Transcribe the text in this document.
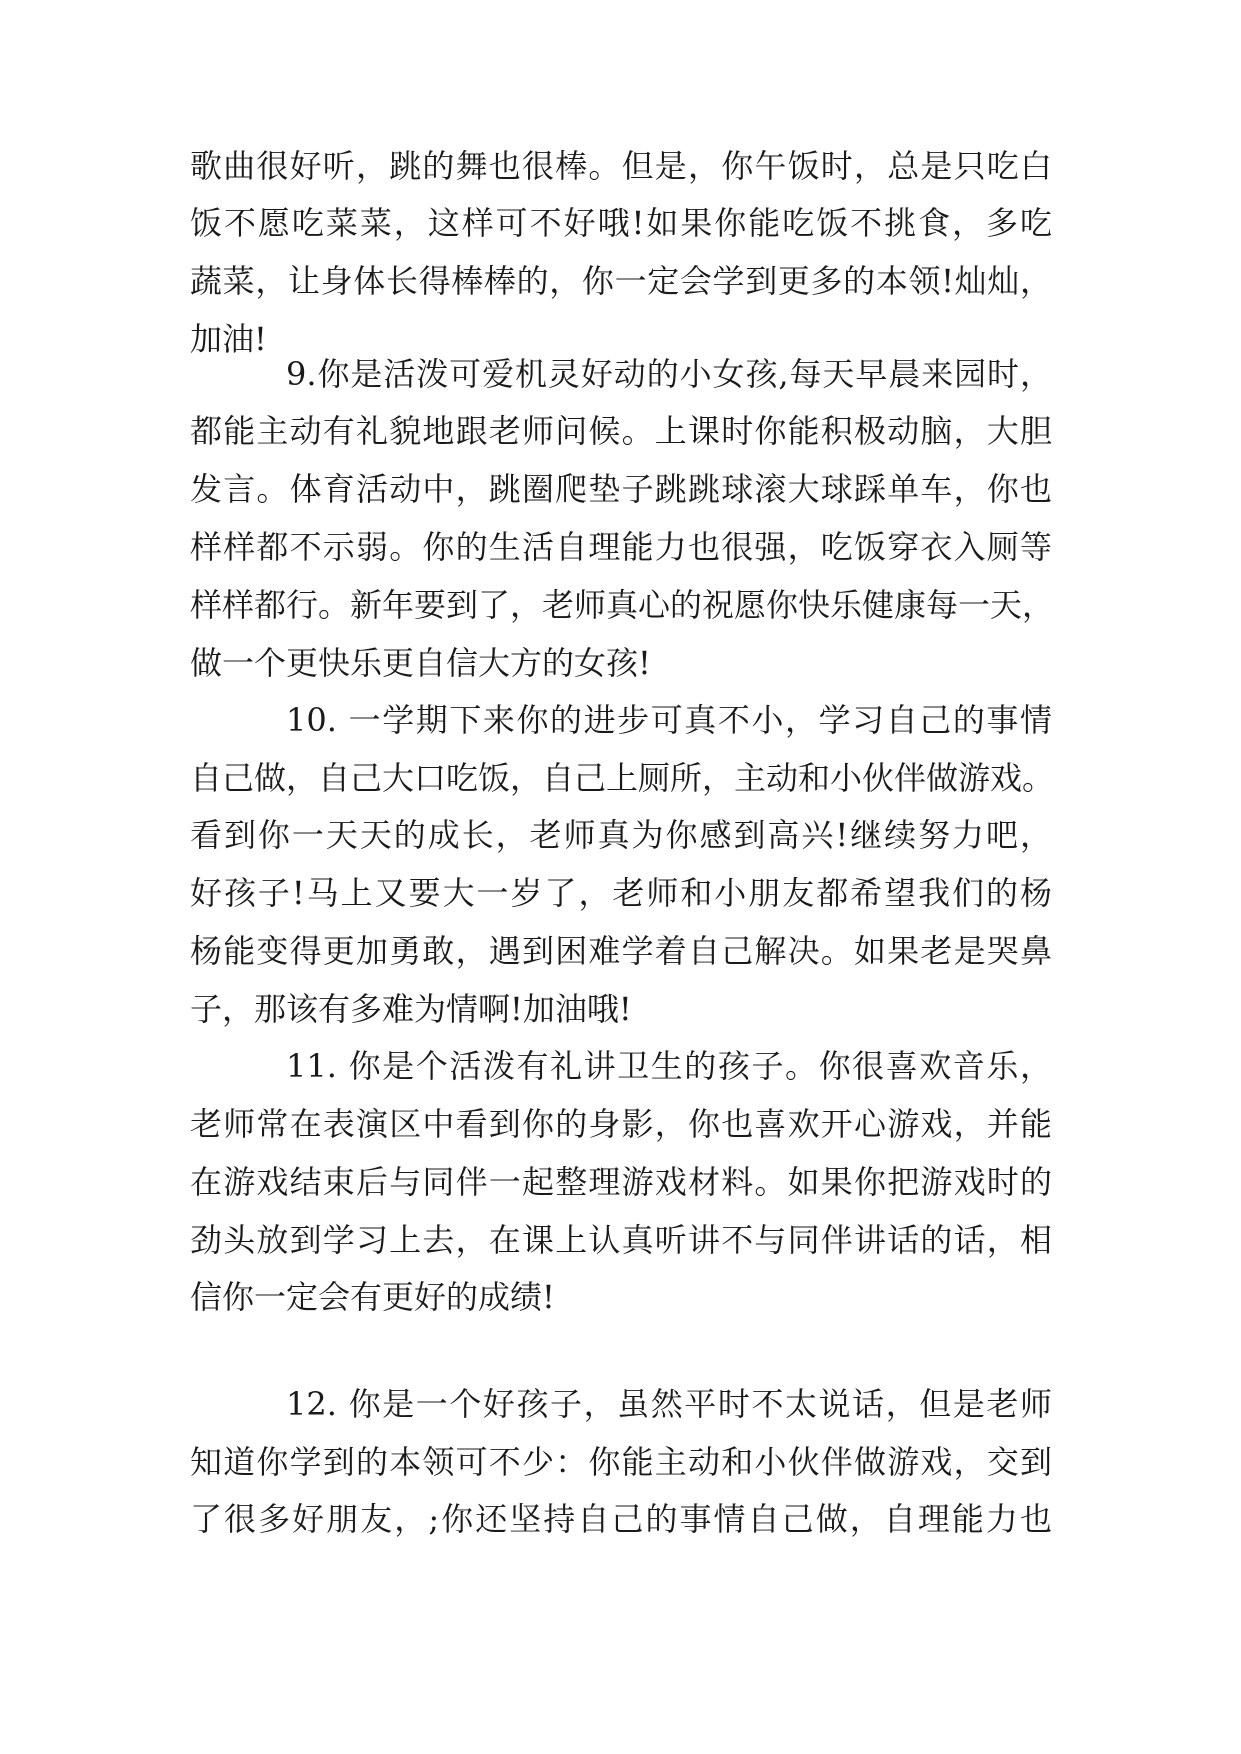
歌曲很好听，跳的舞也很棒。但是，你午饭时，总是只吃白

饭不愿吃菜菜，这样可不好哦!如果你能吃饭不挑食，多吃

蔬菜，让身体长得棒棒的，你一定会学到更多的本领!灿灿，

加油!

9.你是活泼可爱机灵好动的小女孩,每天早晨来园时，

都能主动有礼貌地跟老师问候。上课时你能积极动脑，大胆

发言。体育活动中，跳圈爬垫子跳跳球滚大球踩单车，你也

样样都不示弱。你的生活自理能力也很强，吃饭穿衣入厕等

样样都行。新年要到了，老师真心的祝愿你快乐健康每一天，

做一个更快乐更自信大方的女孩!

10. 一学期下来你的进步可真不小，学习自己的事情

自己做，自己大口吃饭，自己上厕所，主动和小伙伴做游戏。

看到你一天天的成长，老师真为你感到高兴!继续努力吧，

好孩子!马上又要大一岁了，老师和小朋友都希望我们的杨

杨能变得更加勇敢，遇到困难学着自己解决。如果老是哭鼻

子，那该有多难为情啊!加油哦!

11. 你是个活泼有礼讲卫生的孩子。你很喜欢音乐，

老师常在表演区中看到你的身影，你也喜欢开心游戏，并能

在游戏结束后与同伴一起整理游戏材料。如果你把游戏时的

劲头放到学习上去，在课上认真听讲不与同伴讲话的话，相

信你一定会有更好的成绩!

12. 你是一个好孩子，虽然平时不太说话，但是老师

知道你学到的本领可不少：你能主动和小伙伴做游戏，交到

了很多好朋友，;你还坚持自己的事情自己做，自理能力也
